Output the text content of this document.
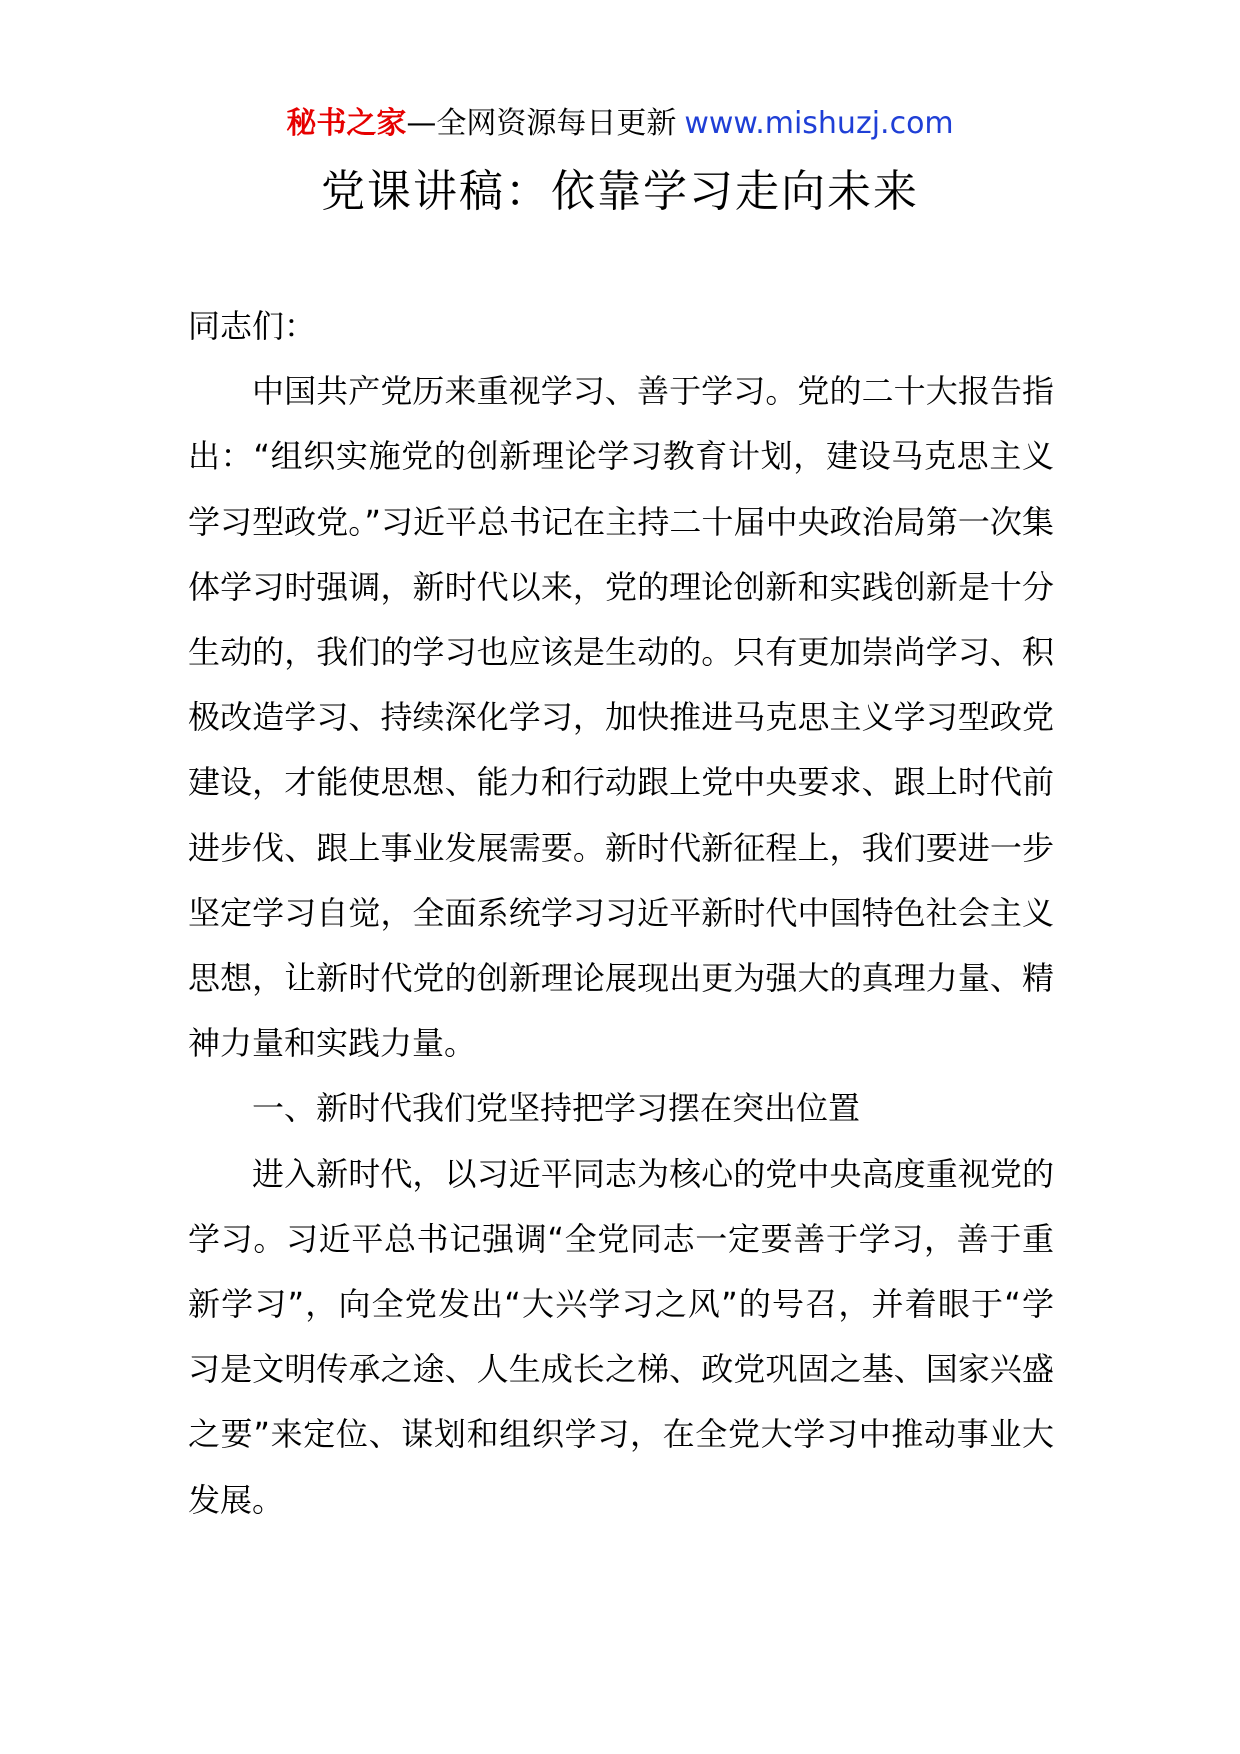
秘书之家—全网资源每日更新 www.mishuzj.com
党课讲稿：依靠学习走向未来

同志们：

中国共产党历来重视学习、善于学习。党的二十大报告指出：“组织实施党的创新理论学习教育计划，建设马克思主义学习型政党。”习近平总书记在主持二十届中央政治局第一次集体学习时强调，新时代以来，党的理论创新和实践创新是十分生动的，我们的学习也应该是生动的。只有更加崇尚学习、积极改造学习、持续深化学习，加快推进马克思主义学习型政党建设，才能使思想、能力和行动跟上党中央要求、跟上时代前进步伐、跟上事业发展需要。新时代新征程上，我们要进一步坚定学习自觉，全面系统学习习近平新时代中国特色社会主义思想，让新时代党的创新理论展现出更为强大的真理力量、精神力量和实践力量。

一、新时代我们党坚持把学习摆在突出位置

进入新时代，以习近平同志为核心的党中央高度重视党的学习。习近平总书记强调“全党同志一定要善于学习，善于重新学习”，向全党发出“大兴学习之风”的号召，并着眼于“学习是文明传承之途、人生成长之梯、政党巩固之基、国家兴盛之要”来定位、谋划和组织学习，在全党大学习中推动事业大发展。
